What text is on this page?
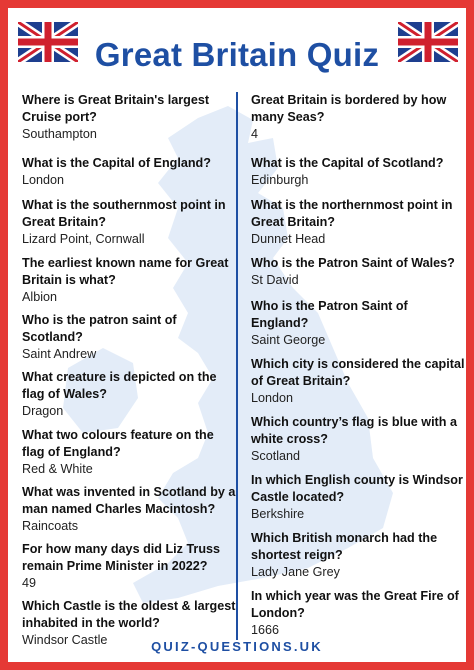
Great Britain Quiz
Where is Great Britain's largest Cruise port?
Southampton
What is the Capital of England?
London
What is the southernmost point in Great Britain?
Lizard Point, Cornwall
The earliest known name for Great Britain is what?
Albion
Who is the patron saint of Scotland?
Saint Andrew
What creature is depicted on the flag of Wales?
Dragon
What two colours feature on the flag of England?
Red & White
What was invented in Scotland by a man named Charles Macintosh?
Raincoats
For how many days did Liz Truss remain Prime Minister in 2022?
49
Which Castle is the oldest & largest inhabited in the world?
Windsor Castle
Great Britain is bordered by how many Seas?
4
What is the Capital of Scotland?
Edinburgh
What is the northernmost point in Great Britain?
Dunnet Head
Who is the Patron Saint of Wales?
St David
Who is the Patron Saint of England?
Saint George
Which city is considered the capital of Great Britain?
London
Which country’s flag is blue with a white cross?
Scotland
In which English county is Windsor Castle located?
Berkshire
Which British monarch had the shortest reign?
Lady Jane Grey
In which year was the Great Fire of London?
1666
QUIZ-QUESTIONS.UK
